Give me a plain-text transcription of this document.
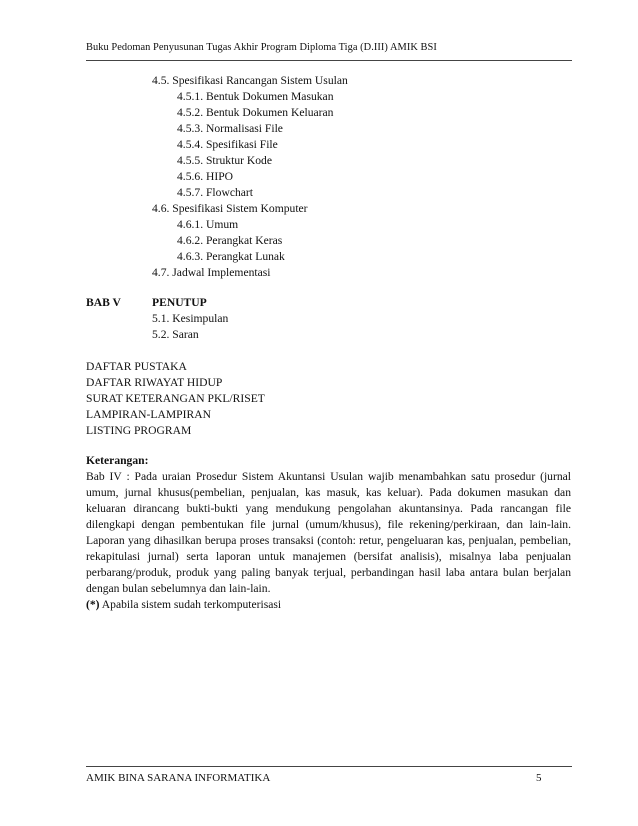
Buku Pedoman Penyusunan Tugas Akhir Program Diploma Tiga (D.III) AMIK BSI
4.5. Spesifikasi Rancangan Sistem Usulan
4.5.1. Bentuk Dokumen Masukan
4.5.2. Bentuk Dokumen Keluaran
4.5.3. Normalisasi File
4.5.4. Spesifikasi File
4.5.5. Struktur Kode
4.5.6. HIPO
4.5.7. Flowchart
4.6. Spesifikasi Sistem Komputer
4.6.1. Umum
4.6.2. Perangkat Keras
4.6.3. Perangkat Lunak
4.7. Jadwal Implementasi
BAB V	PENUTUP
5.1. Kesimpulan
5.2. Saran
DAFTAR PUSTAKA
DAFTAR RIWAYAT HIDUP
SURAT KETERANGAN PKL/RISET
LAMPIRAN-LAMPIRAN
LISTING PROGRAM
Keterangan:
Bab IV : Pada uraian Prosedur Sistem Akuntansi Usulan wajib menambahkan satu prosedur (jurnal
umum, jurnal khusus(pembelian, penjualan, kas masuk, kas keluar). Pada dokumen masukan dan
keluaran dirancang bukti-bukti yang mendukung pengolahan akuntansinya. Pada rancangan file
dilengkapi dengan pembentukan file jurnal (umum/khusus), file rekening/perkiraan, dan lain-lain.
Laporan yang dihasilkan berupa proses transaksi (contoh: retur, pengeluaran kas, penjualan, pembelian,
rekapitulasi jurnal) serta laporan untuk manajemen (bersifat analisis), misalnya laba penjualan
perbarang/produk, produk yang paling banyak terjual, perbandingan hasil laba antara bulan berjalan
dengan bulan sebelumnya dan lain-lain.
(*) Apabila sistem sudah terkomputerisasi
AMIK BINA SARANA INFORMATIKA	5
